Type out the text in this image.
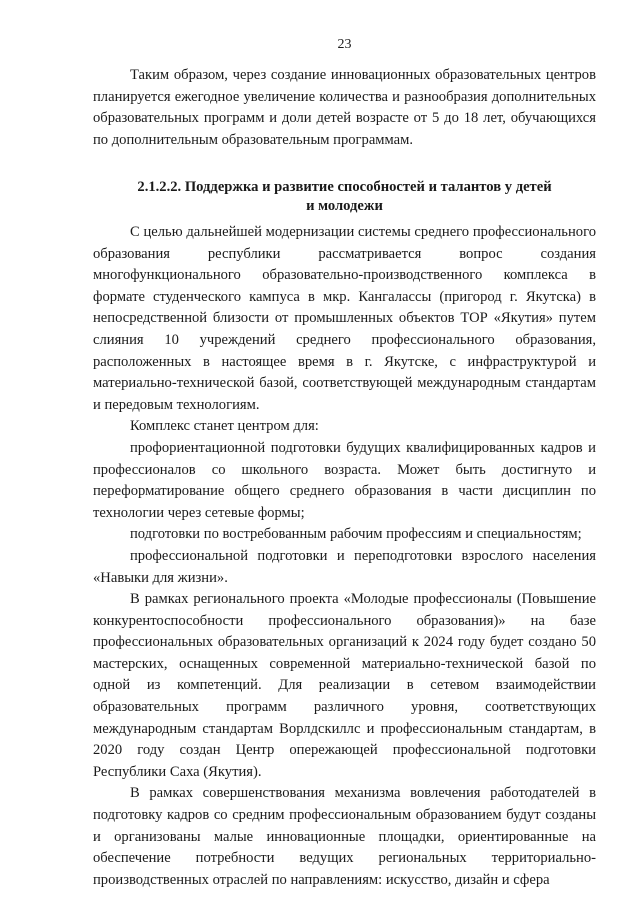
23

Таким образом, через создание инновационных образовательных центров планируется ежегодное увеличение количества и разнообразия дополнительных образовательных программ и доли детей возрасте от 5 до 18 лет, обучающихся по дополнительным образовательным программам.

2.1.2.2. Поддержка и развитие способностей и талантов у детей
и молодежи

С целью дальнейшей модернизации системы среднего профессионального образования республики рассматривается вопрос создания многофункционального образовательно-производственного комплекса в формате студенческого кампуса в мкр. Кангалассы (пригород г. Якутска) в непосредственной близости от промышленных объектов ТОР «Якутия» путем слияния 10 учреждений среднего профессионального образования, расположенных в настоящее время в г. Якутске, с инфраструктурой и материально-технической базой, соответствующей международным стандартам и передовым технологиям.

Комплекс станет центром для:

профориентационной подготовки будущих квалифицированных кадров и профессионалов со школьного возраста. Может быть достигнуто и переформатирование общего среднего образования в части дисциплин по технологии через сетевые формы;

подготовки по востребованным рабочим профессиям и специальностям;

профессиональной подготовки и переподготовки взрослого населения «Навыки для жизни».

В рамках регионального проекта «Молодые профессионалы (Повышение конкурентоспособности профессионального образования)» на базе профессиональных образовательных организаций к 2024 году будет создано 50 мастерских, оснащенных современной материально-технической базой по одной из компетенций. Для реализации в сетевом взаимодействии образовательных программ различного уровня, соответствующих международным стандартам Ворлдскиллс и профессиональным стандартам, в 2020 году создан Центр опережающей профессиональной подготовки Республики Саха (Якутия).

В рамках совершенствования механизма вовлечения работодателей в подготовку кадров со средним профессиональным образованием будут созданы и организованы малые инновационные площадки, ориентированные на обеспечение потребности ведущих региональных территориально-производственных отраслей по направлениям: искусство, дизайн и сфера
